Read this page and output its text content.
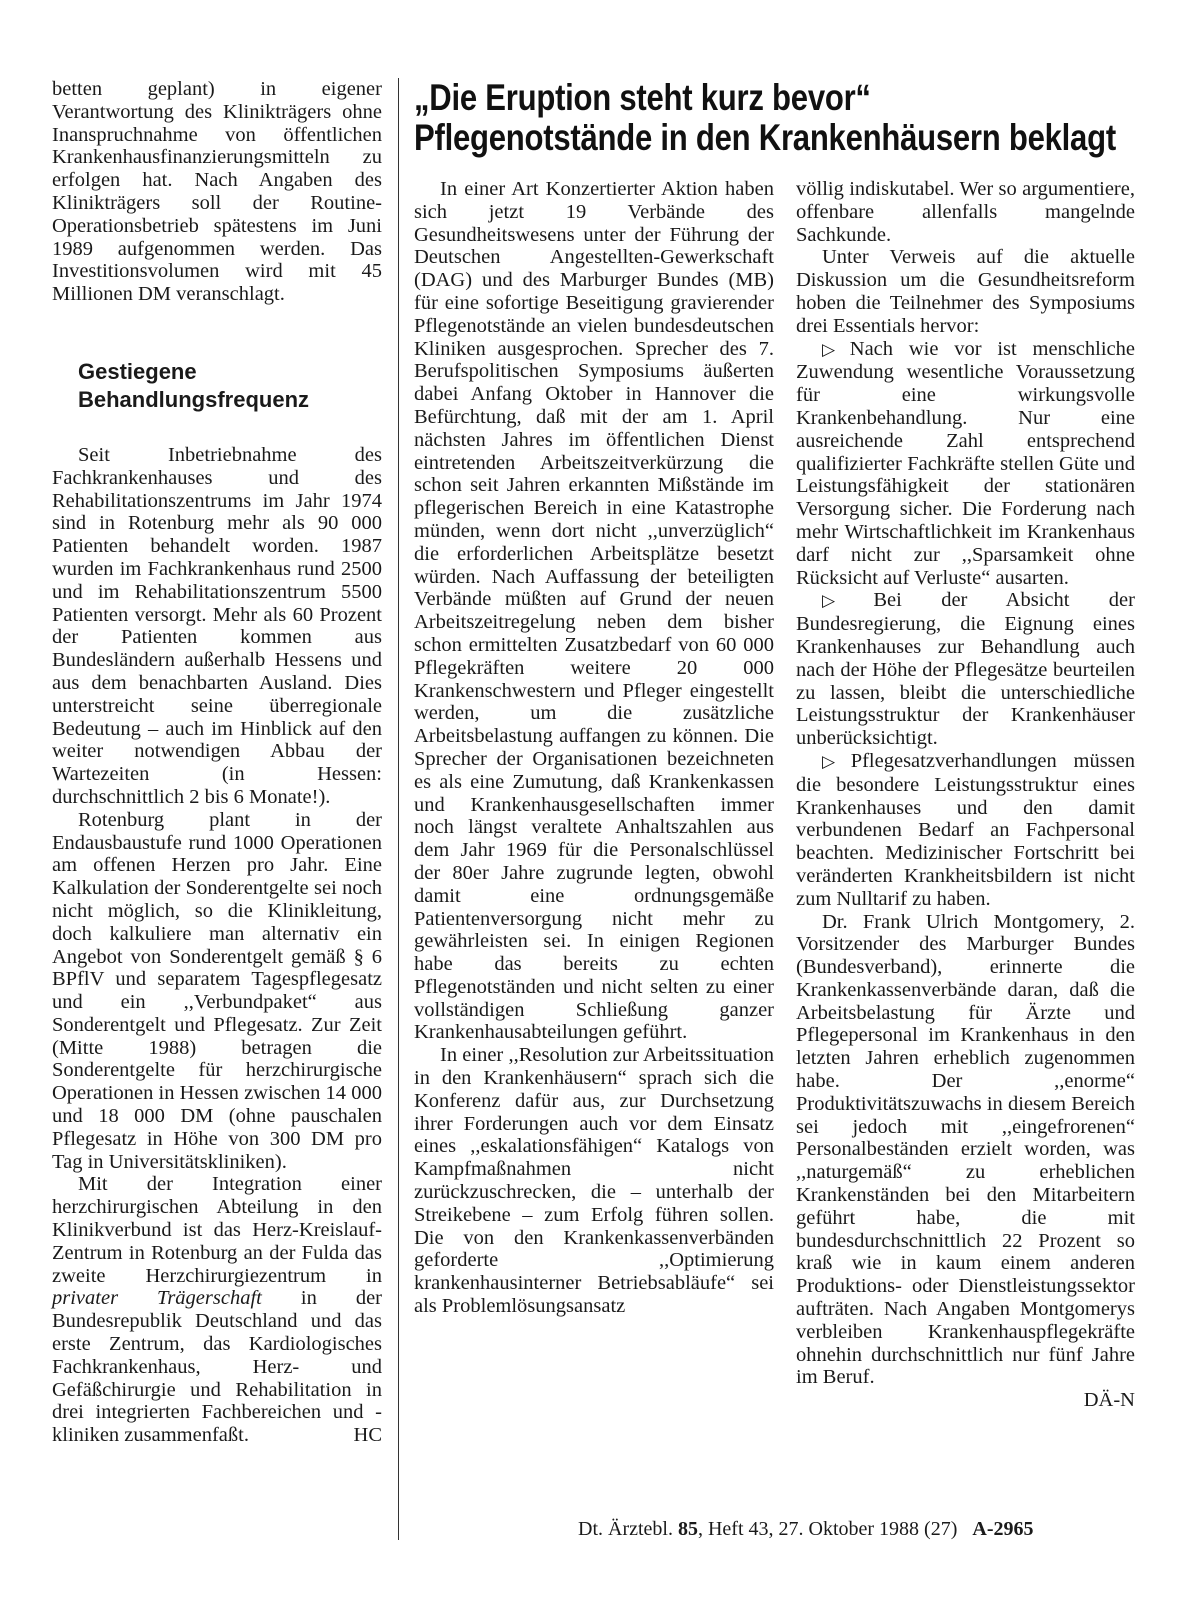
„Die Eruption steht kurz bevor“
Pflegenotstände in den Krankenhäusern beklagt

betten geplant) in eigener Verantwortung des Klinikträgers ohne Inanspruchnahme von öffentlichen Krankenhausfinanzierungsmitteln zu erfolgen hat. Nach Angaben des Klinikträgers soll der Routine-Operationsbetrieb spätestens im Juni 1989 aufgenommen werden. Das Investitionsvolumen wird mit 45 Millionen DM veranschlagt.

Gestiegene
Behandlungsfrequenz

Seit Inbetriebnahme des Fachkrankenhauses und des Rehabilitationszentrums im Jahr 1974 sind in Rotenburg mehr als 90 000 Patienten behandelt worden. 1987 wurden im Fachkrankenhaus rund 2500 und im Rehabilitationszentrum 5500 Patienten versorgt. Mehr als 60 Prozent der Patienten kommen aus Bundesländern außerhalb Hessens und aus dem benachbarten Ausland. Dies unterstreicht seine überregionale Bedeutung – auch im Hinblick auf den weiter notwendigen Abbau der Wartezeiten (in Hessen: durchschnittlich 2 bis 6 Monate!).

Rotenburg plant in der Endausbaustufe rund 1000 Operationen am offenen Herzen pro Jahr. Eine Kalkulation der Sonderentgelte sei noch nicht möglich, so die Klinikleitung, doch kalkuliere man alternativ ein Angebot von Sonderentgelt gemäß § 6 BPflV und separatem Tagespflegesatz und ein ,,Verbundpaket“ aus Sonderentgelt und Pflegesatz. Zur Zeit (Mitte 1988) betragen die Sonderentgelte für herzchirurgische Operationen in Hessen zwischen 14 000 und 18 000 DM (ohne pauschalen Pflegesatz in Höhe von 300 DM pro Tag in Universitätskliniken).

Mit der Integration einer herzchirurgischen Abteilung in den Klinikverbund ist das Herz-Kreislauf-Zentrum in Rotenburg an der Fulda das zweite Herzchirurgiezentrum in privater Trägerschaft in der Bundesrepublik Deutschland und das erste Zentrum, das Kardiologisches Fachkrankenhaus, Herz- und Gefäßchirurgie und Rehabilitation in drei integrierten Fachbereichen und -kliniken zusammenfaßt.	HC

In einer Art Konzertierter Aktion haben sich jetzt 19 Verbände des Gesundheitswesens unter der Führung der Deutschen Angestellten-Gewerkschaft (DAG) und des Marburger Bundes (MB) für eine sofortige Beseitigung gravierender Pflegenotstände an vielen bundesdeutschen Kliniken ausgesprochen. Sprecher des 7. Berufspolitischen Symposiums äußerten dabei Anfang Oktober in Hannover die Befürchtung, daß mit der am 1. April nächsten Jahres im öffentlichen Dienst eintretenden Arbeitszeitverkürzung die schon seit Jahren erkannten Mißstände im pflegerischen Bereich in eine Katastrophe münden, wenn dort nicht ,,unverzüglich“ die erforderlichen Arbeitsplätze besetzt würden. Nach Auffassung der beteiligten Verbände müßten auf Grund der neuen Arbeitszeitregelung neben dem bisher schon ermittelten Zusatzbedarf von 60 000 Pflegekräften weitere 20 000 Krankenschwestern und Pfleger eingestellt werden, um die zusätzliche Arbeitsbelastung auffangen zu können. Die Sprecher der Organisationen bezeichneten es als eine Zumutung, daß Krankenkassen und Krankenhausgesellschaften immer noch längst veraltete Anhaltszahlen aus dem Jahr 1969 für die Personalschlüssel der 80er Jahre zugrunde legten, obwohl damit eine ordnungsgemäße Patientenversorgung nicht mehr zu gewährleisten sei. In einigen Regionen habe das bereits zu echten Pflegenotständen und nicht selten zu einer vollständigen Schließung ganzer Krankenhausabteilungen geführt.

In einer ,,Resolution zur Arbeitssituation in den Krankenhäusern“ sprach sich die Konferenz dafür aus, zur Durchsetzung ihrer Forderungen auch vor dem Einsatz eines ,,eskalationsfähigen“ Katalogs von Kampfmaßnahmen nicht zurückzuschrecken, die – unterhalb der Streikebene – zum Erfolg führen sollen. Die von den Krankenkassenverbänden geforderte ,,Optimierung krankenhausinterner Betriebsabläufe“ sei als Problemlösungsansatz

völlig indiskutabel. Wer so argumentiere, offenbare allenfalls mangelnde Sachkunde.

Unter Verweis auf die aktuelle Diskussion um die Gesundheitsreform hoben die Teilnehmer des Symposiums drei Essentials hervor:

▷ Nach wie vor ist menschliche Zuwendung wesentliche Voraussetzung für eine wirkungsvolle Krankenbehandlung. Nur eine ausreichende Zahl entsprechend qualifizierter Fachkräfte stellen Güte und Leistungsfähigkeit der stationären Versorgung sicher. Die Forderung nach mehr Wirtschaftlichkeit im Krankenhaus darf nicht zur ,,Sparsamkeit ohne Rücksicht auf Verluste“ ausarten.

▷ Bei der Absicht der Bundesregierung, die Eignung eines Krankenhauses zur Behandlung auch nach der Höhe der Pflegesätze beurteilen zu lassen, bleibt die unterschiedliche Leistungsstruktur der Krankenhäuser unberücksichtigt.

▷ Pflegesatzverhandlungen müssen die besondere Leistungsstruktur eines Krankenhauses und den damit verbundenen Bedarf an Fachpersonal beachten. Medizinischer Fortschritt bei veränderten Krankheitsbildern ist nicht zum Nulltarif zu haben.

Dr. Frank Ulrich Montgomery, 2. Vorsitzender des Marburger Bundes (Bundesverband), erinnerte die Krankenkassenverbände daran, daß die Arbeitsbelastung für Ärzte und Pflegepersonal im Krankenhaus in den letzten Jahren erheblich zugenommen habe. Der ,,enorme“ Produktivitätszuwachs in diesem Bereich sei jedoch mit ,,eingefrorenen“ Personalbeständen erzielt worden, was ,,naturgemäß“ zu erheblichen Krankenständen bei den Mitarbeitern geführt habe, die mit bundesdurchschnittlich 22 Prozent so kraß wie in kaum einem anderen Produktions- oder Dienstleistungssektor aufträten. Nach Angaben Montgomerys verbleiben Krankenhauspflegekräfte ohnehin durchschnittlich nur fünf Jahre im Beruf.

DÄ-N

Dt. Ärztebl. 85, Heft 43, 27. Oktober 1988 (27) A-2965
